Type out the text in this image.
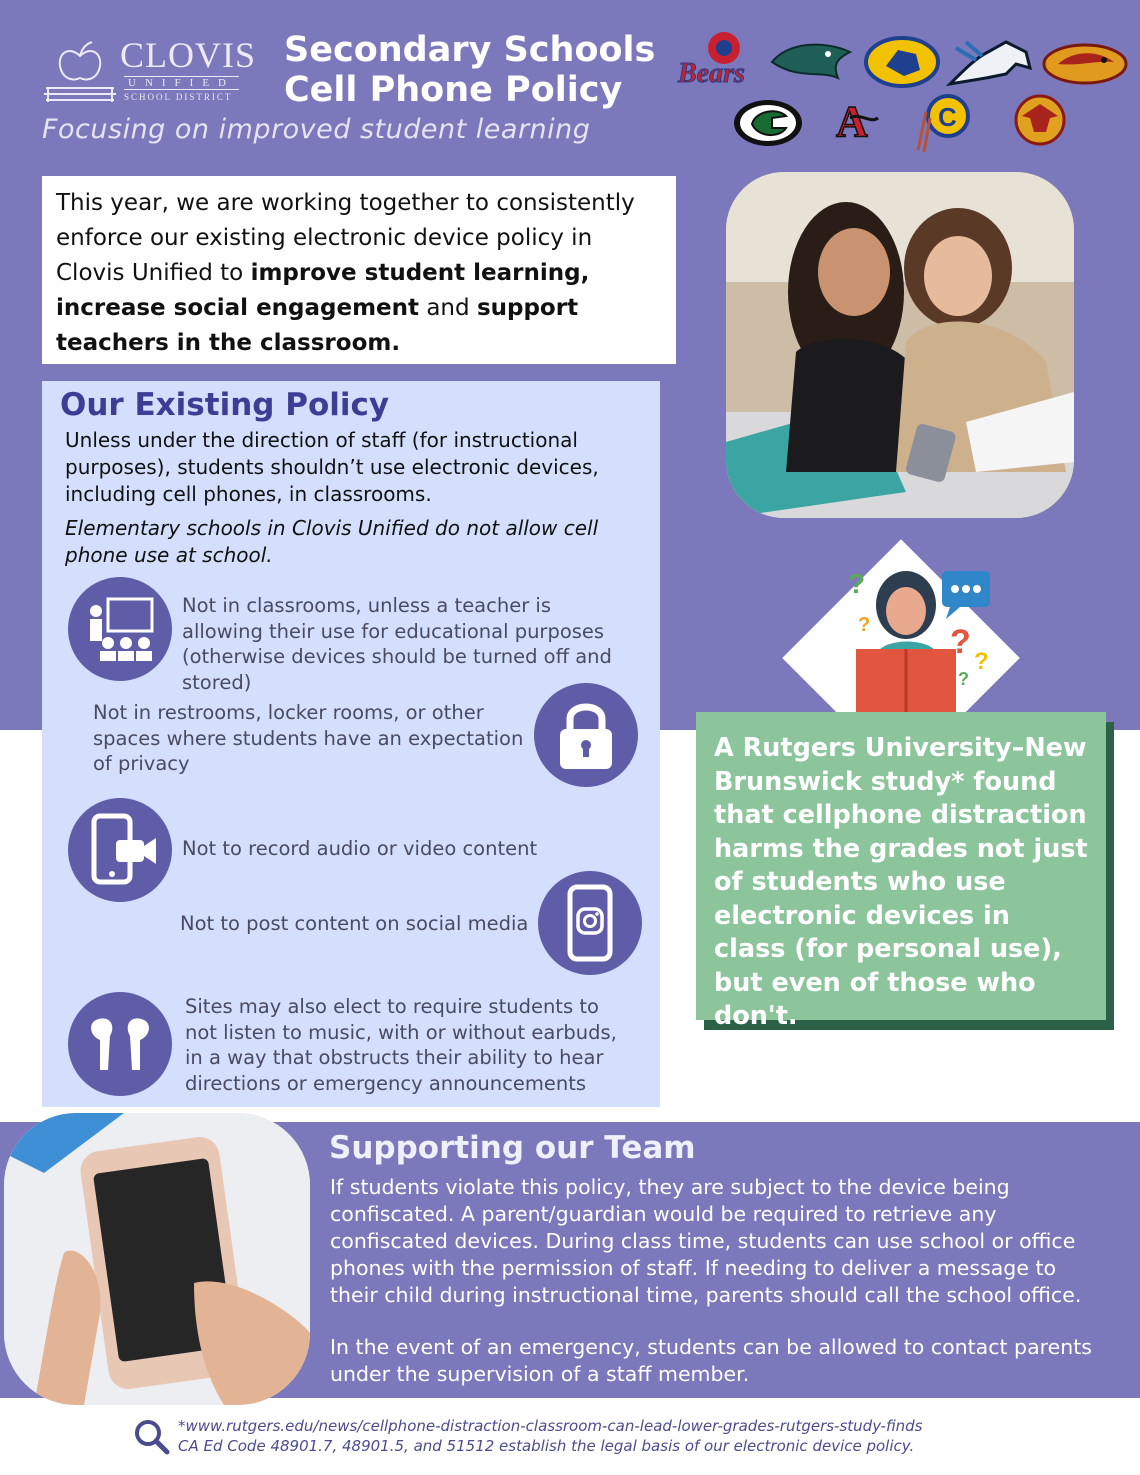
CLOVIS
UNIFIED
SCHOOL DISTRICT
Secondary Schools
Cell Phone Policy
Focusing on improved student learning
Bears
A	C
This year, we are working together to consistently enforce our existing electronic device policy in Clovis Unified to improve student learning, increase social engagement and support teachers in the classroom.
Our Existing Policy

Unless under the direction of staff (for instructional purposes), students shouldn’t use electronic devices, including cell phones, in classrooms.

Elementary schools in Clovis Unified do not allow cell phone use at school.

Not in classrooms, unless a teacher is allowing their use for educational purposes (otherwise devices should be turned off and stored)
Not in restrooms, locker rooms, or other spaces where students have an expectation of privacy
Not to record audio or video content
Not to post content on social media
Sites may also elect to require students to not listen to music, with or without earbuds, in a way that obstructs their ability to hear directions or emergency announcements
?
? ?
?
?
A Rutgers University–New Brunswick study* found that cellphone distraction harms the grades not just of students who use electronic devices in class (for personal use), but even of those who don't.
Supporting our Team

If students violate this policy, they are subject to the device being confiscated. A parent/guardian would be required to retrieve any confiscated devices. During class time, students can use school or office phones with the permission of staff. If needing to deliver a message to their child during instructional time, parents should call the school office.

In the event of an emergency, students can be allowed to contact parents under the supervision of a staff member.

*www.rutgers.edu/news/cellphone-distraction-classroom-can-lead-lower-grades-rutgers-study-finds
CA Ed Code 48901.7, 48901.5, and 51512 establish the legal basis of our electronic device policy.
